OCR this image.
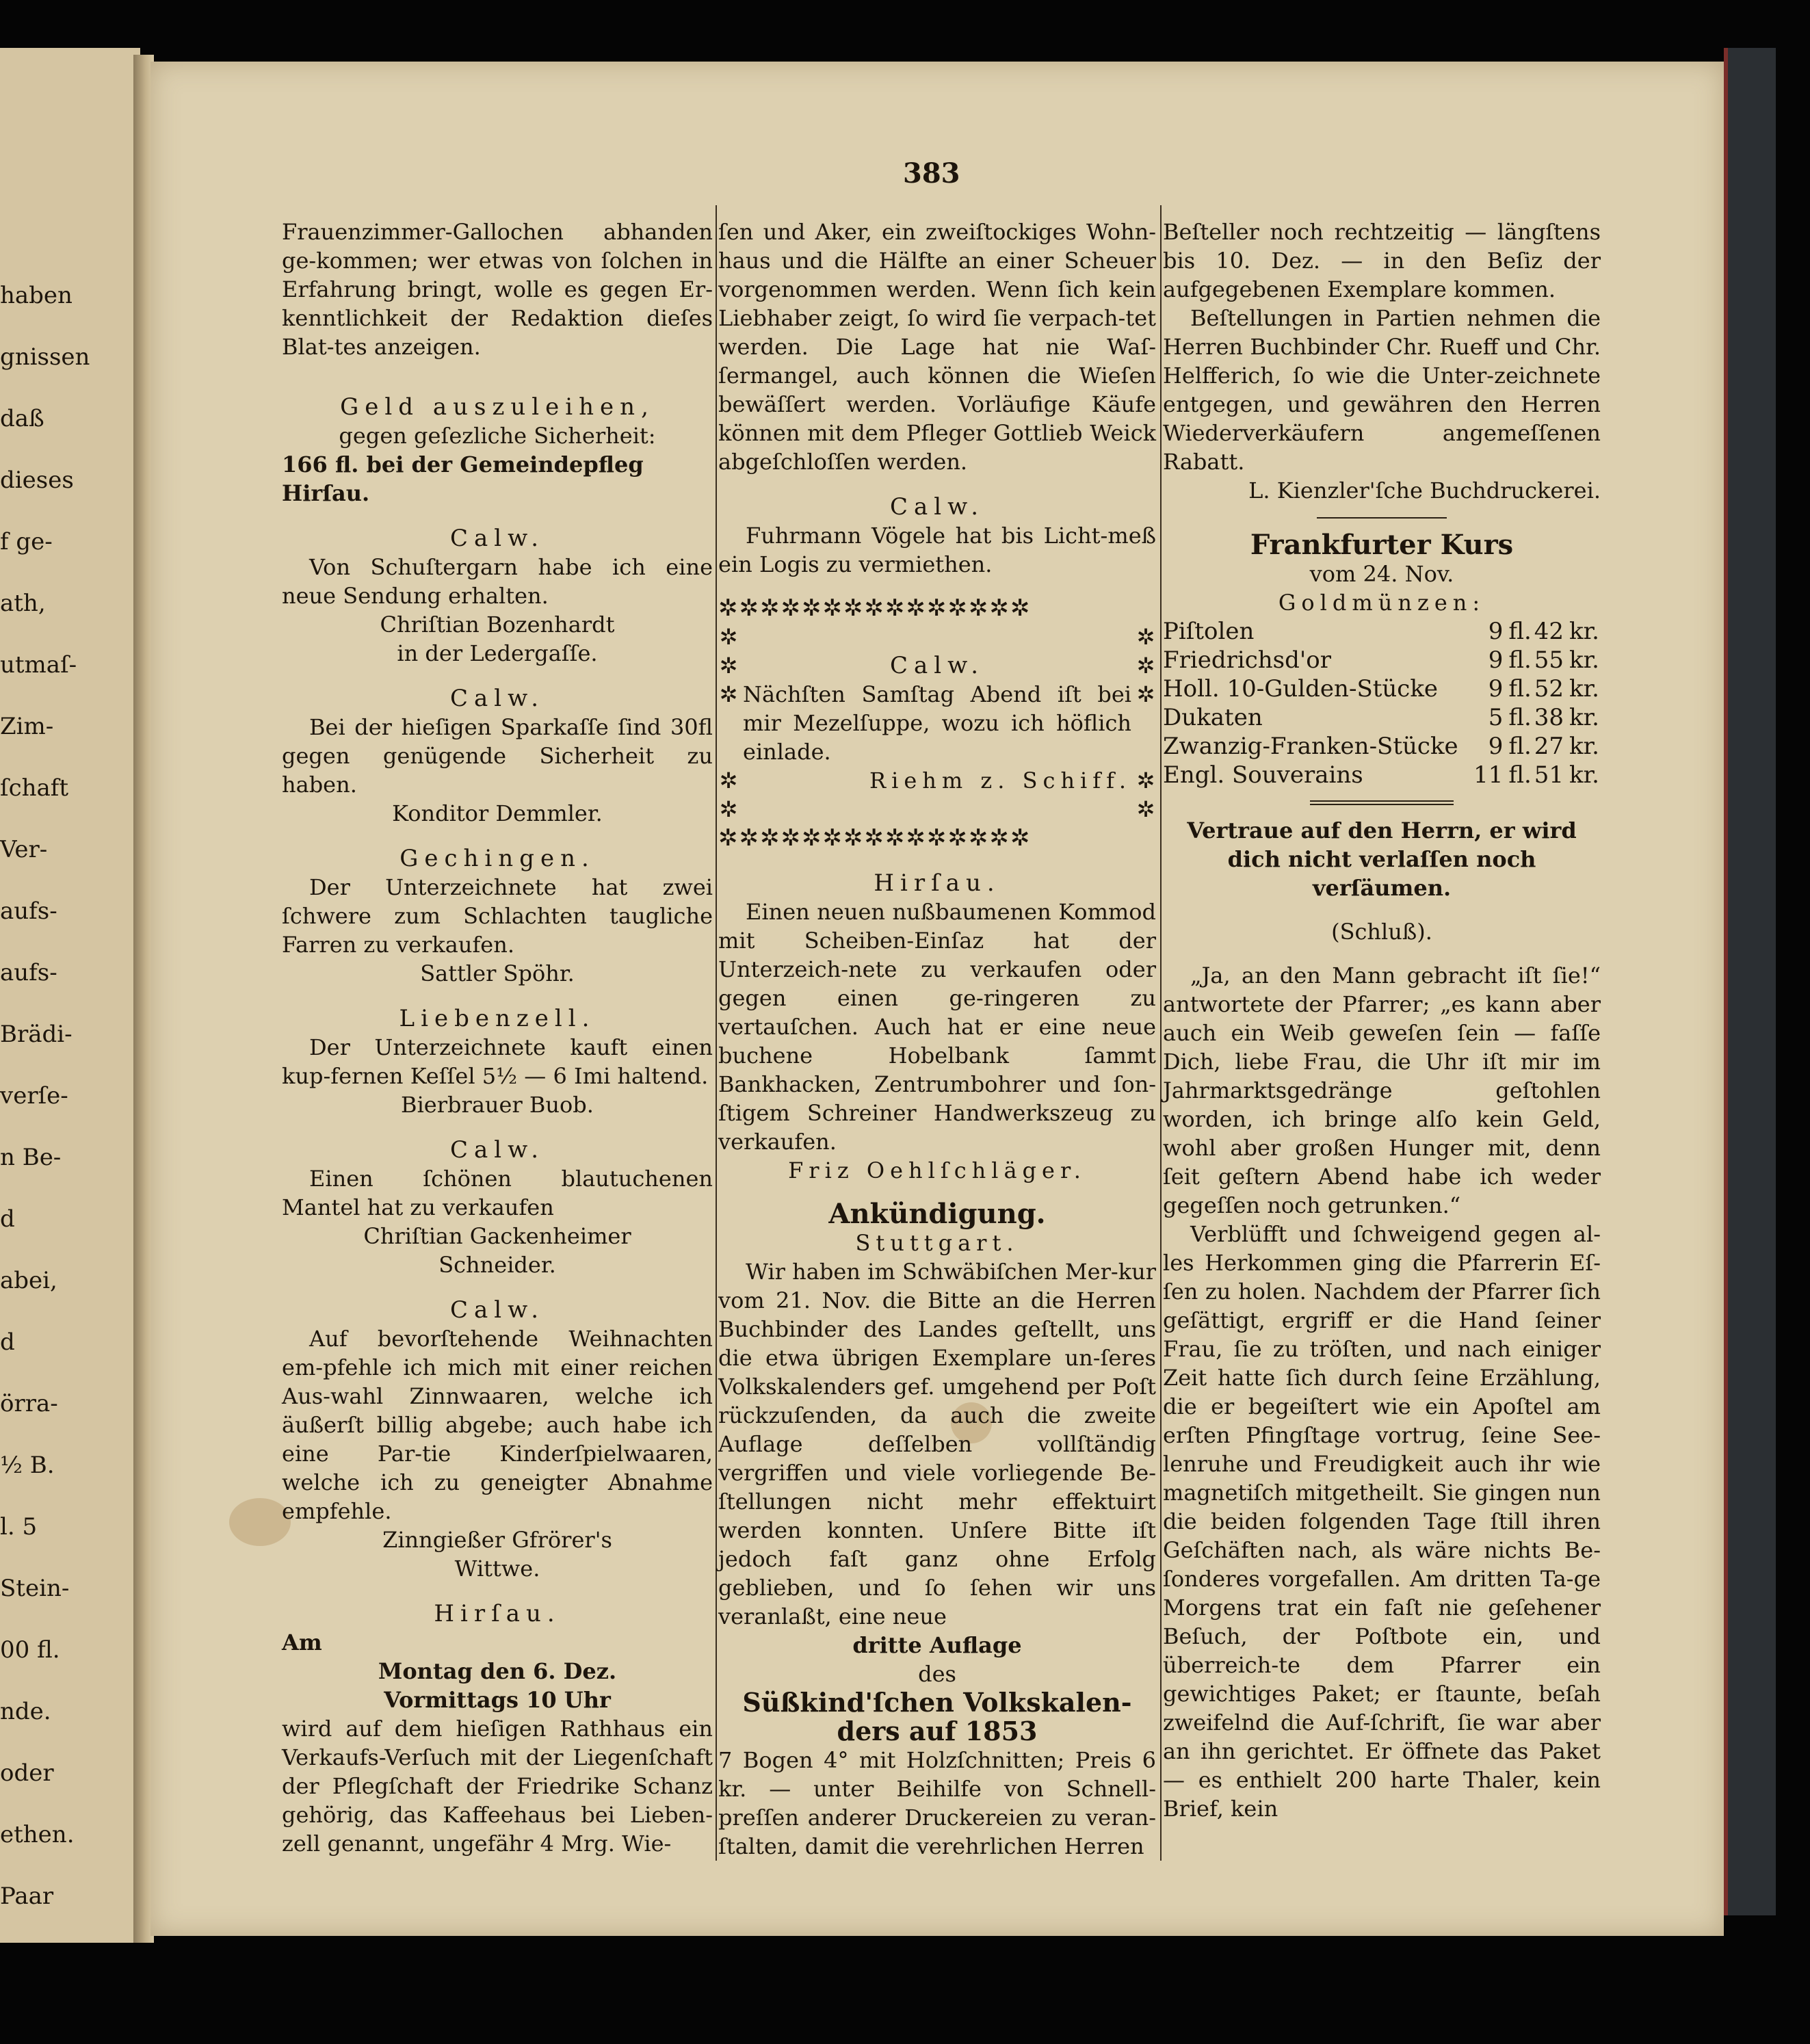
haben
gnissen
daß
dieses
f ge-
ath,
utmaſ-
Zim-
ſchaft
Ver-
aufs-
aufs-
Brädi-
verſe-
n Be-
d
abei,
d
örra-
½ B.
l. 5
Stein-
00 fl.
nde.
oder
ethen.
Paar
383

Frauenzimmer-Gallochen abhanden ge-kommen; wer etwas von ſolchen in Erfahrung bringt, wolle es gegen Er-kenntlichkeit der Redaktion dieſes Blat-tes anzeigen.

Geld auszuleihen,

gegen geſezliche Sicherheit:

166 fl. bei der Gemeindepfleg Hirſau.

Calw.

Von Schuſtergarn habe ich eine neue Sendung erhalten.

Chriſtian Bozenhardt

in der Ledergaſſe.

Calw.

Bei der hieſigen Sparkaſſe ſind 30fl gegen genügende Sicherheit zu haben.

Konditor Demmler.

Gechingen.

Der Unterzeichnete hat zwei ſchwere zum Schlachten taugliche Farren zu verkaufen.

Sattler Spöhr.

Liebenzell.

Der Unterzeichnete kauft einen kup-fernen Keſſel 5½ — 6 Imi haltend.

Bierbrauer Buob.

Calw.

Einen ſchönen blautuchenen Mantel hat zu verkaufen

Chriſtian Gackenheimer

Schneider.

Calw.

Auf bevorſtehende Weihnachten em-pfehle ich mich mit einer reichen Aus-wahl Zinnwaaren, welche ich äußerſt billig abgebe; auch habe ich eine Par-tie Kinderſpielwaaren, welche ich zu geneigter Abnahme empfehle.

Zinngießer Gfrörer's

Wittwe.

Hirſau.

Am

Montag den 6. Dez.

Vormittags 10 Uhr

wird auf dem hieſigen Rathhaus ein Verkaufs-Verſuch mit der Liegenſchaft der Pflegſchaft der Friedrike Schanz gehörig, das Kaffeehaus bei Lieben-zell genannt, ungefähr 4 Mrg. Wie-

ſen und Aker, ein zweiſtockiges Wohn-haus und die Hälfte an einer Scheuer vorgenommen werden. Wenn ſich kein Liebhaber zeigt, ſo wird ſie verpach-tet werden. Die Lage hat nie Waſ-ſermangel, auch können die Wieſen bewäſſert werden. Vorläufige Käufe können mit dem Pfleger Gottlieb Weick abgeſchloſſen werden.

Calw.

Fuhrmann Vögele hat bis Licht-meß ein Logis zu vermiethen.

✲✲✲✲✲✲✲✲✲✲✲✲✲✲✲
✲	✲
✲	Calw.	✲
✲ Nächſten Samſtag Abend iſt bei mir Mezelſuppe, wozu ich höflich einlade.
✲
✲	Riehm z. Schiff. ✲
✲	✲
✲✲✲✲✲✲✲✲✲✲✲✲✲✲✲

Hirſau.

Einen neuen nußbaumenen Kommod mit Scheiben-Einſaz hat der Unterzeich-nete zu verkaufen oder gegen einen ge-ringeren zu vertauſchen. Auch hat er eine neue buchene Hobelbank ſammt Bankhacken, Zentrumbohrer und ſon-ſtigem Schreiner Handwerkszeug zu verkaufen.

Friz Oehlſchläger.

Ankündigung.

Stuttgart.

Wir haben im Schwäbiſchen Mer-kur vom 21. Nov. die Bitte an die Herren Buchbinder des Landes geſtellt, uns die etwa übrigen Exemplare un-ſeres Volkskalenders gef. umgehend per Poſt rückzuſenden, da auch die zweite Auflage deſſelben vollſtändig vergriffen und viele vorliegende Be-ſtellungen nicht mehr effektuirt werden konnten. Unſere Bitte iſt jedoch faſt ganz ohne Erfolg geblieben, und ſo ſehen wir uns veranlaßt, eine neue

dritte Auflage

des

Süßkind'ſchen Volkskalen-

ders auf 1853

7 Bogen 4° mit Holzſchnitten; Preis 6 kr. — unter Beihilfe von Schnell-preſſen anderer Druckereien zu veran-ſtalten, damit die verehrlichen Herren

Beſteller noch rechtzeitig — längſtens bis 10. Dez. — in den Beſiz der aufgegebenen Exemplare kommen.

Beſtellungen in Partien nehmen die Herren Buchbinder Chr. Rueff und Chr. Helfferich, ſo wie die Unter-zeichnete entgegen, und gewähren den Herren Wiederverkäufern angemeſſenen Rabatt.

L. Kienzler'ſche Buchdruckerei.

Frankfurter Kurs

vom 24. Nov.

Goldmünzen:

Piſtolen	9	fl.	42	kr.
Friedrichsd'or	9	fl.	55	kr.
Holl. 10-Gulden-Stücke	9	fl.	52	kr.
Dukaten	5	fl.	38	kr.
Zwanzig-Franken-Stücke	9	fl.	27	kr.
Engl. Souverains	11	fl.	51	kr.

Vertraue auf den Herrn, er wird dich nicht verlaſſen noch verſäumen.

(Schluß).

„Ja, an den Mann gebracht iſt ſie!“ antwortete der Pfarrer; „es kann aber auch ein Weib geweſen ſein — faſſe Dich, liebe Frau, die Uhr iſt mir im Jahrmarktsgedränge geſtohlen worden, ich bringe alſo kein Geld, wohl aber großen Hunger mit, denn ſeit geſtern Abend habe ich weder gegeſſen noch getrunken.“

Verblüfft und ſchweigend gegen al-les Herkommen ging die Pfarrerin Eſ-ſen zu holen. Nachdem der Pfarrer ſich geſättigt, ergriff er die Hand ſeiner Frau, ſie zu tröſten, und nach einiger Zeit hatte ſich durch ſeine Erzählung, die er begeiſtert wie ein Apoſtel am erſten Pfingſtage vortrug, ſeine See-lenruhe und Freudigkeit auch ihr wie magnetiſch mitgetheilt. Sie gingen nun die beiden folgenden Tage ſtill ihren Geſchäften nach, als wäre nichts Be-ſonderes vorgefallen. Am dritten Ta-ge Morgens trat ein faſt nie geſehener Beſuch, der Poſtbote ein, und überreich-te dem Pfarrer ein gewichtiges Paket; er ſtaunte, beſah zweifelnd die Auf-ſchrift, ſie war aber an ihn gerichtet. Er öffnete das Paket — es enthielt 200 harte Thaler, kein Brief, kein
